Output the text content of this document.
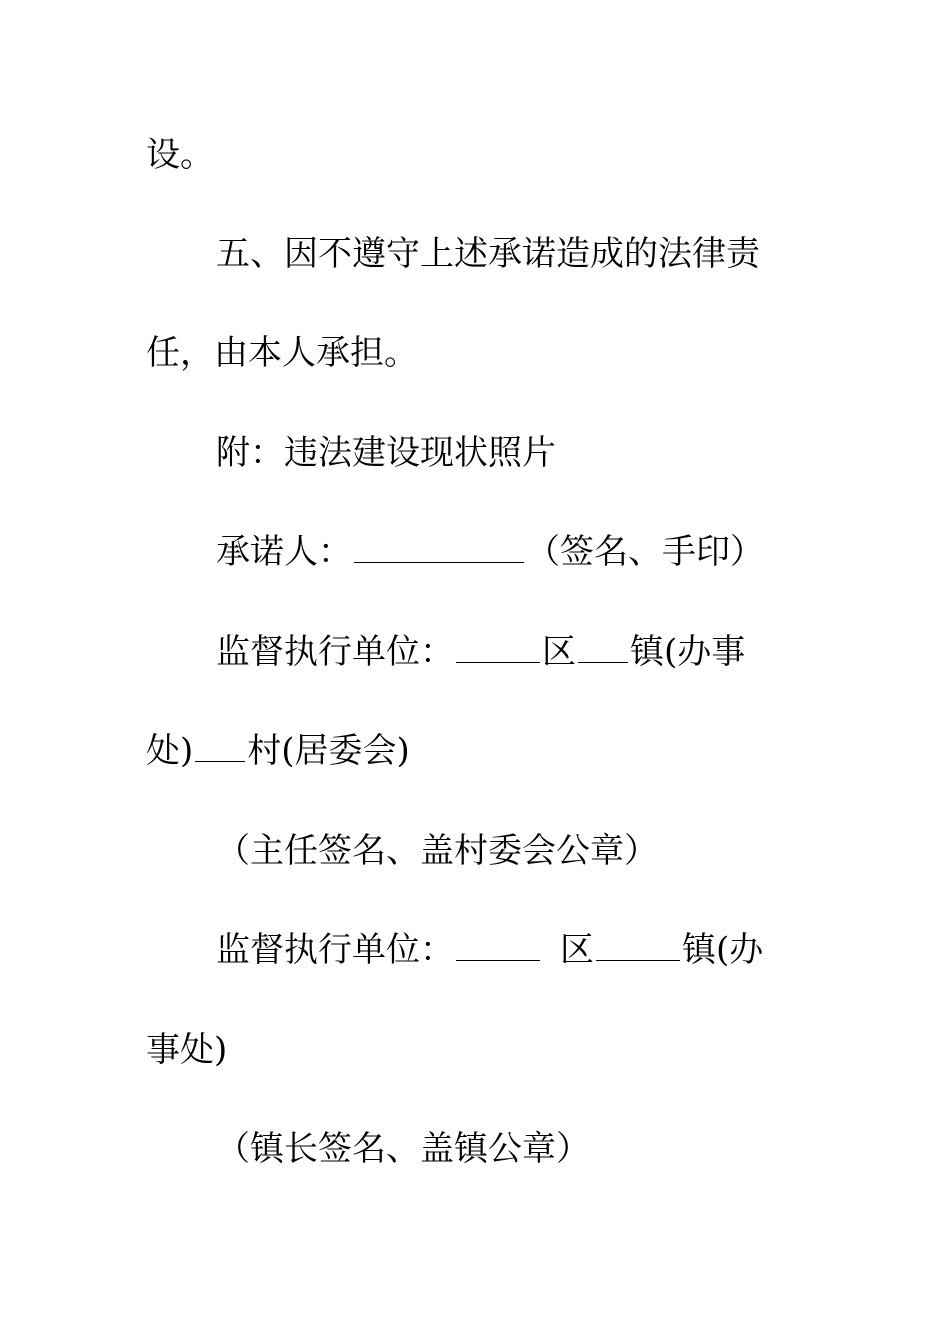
设。
五、因不遵守上述承诺造成的法律责
任，由本人承担。
附：违法建设现状照片
承诺人：	（签名、手印）
监督执行单位：	区 镇(办事
处) 村(居委会)
（主任签名、盖村委会公章）
监督执行单位：	区	镇(办
事处)
（镇长签名、盖镇公章）
